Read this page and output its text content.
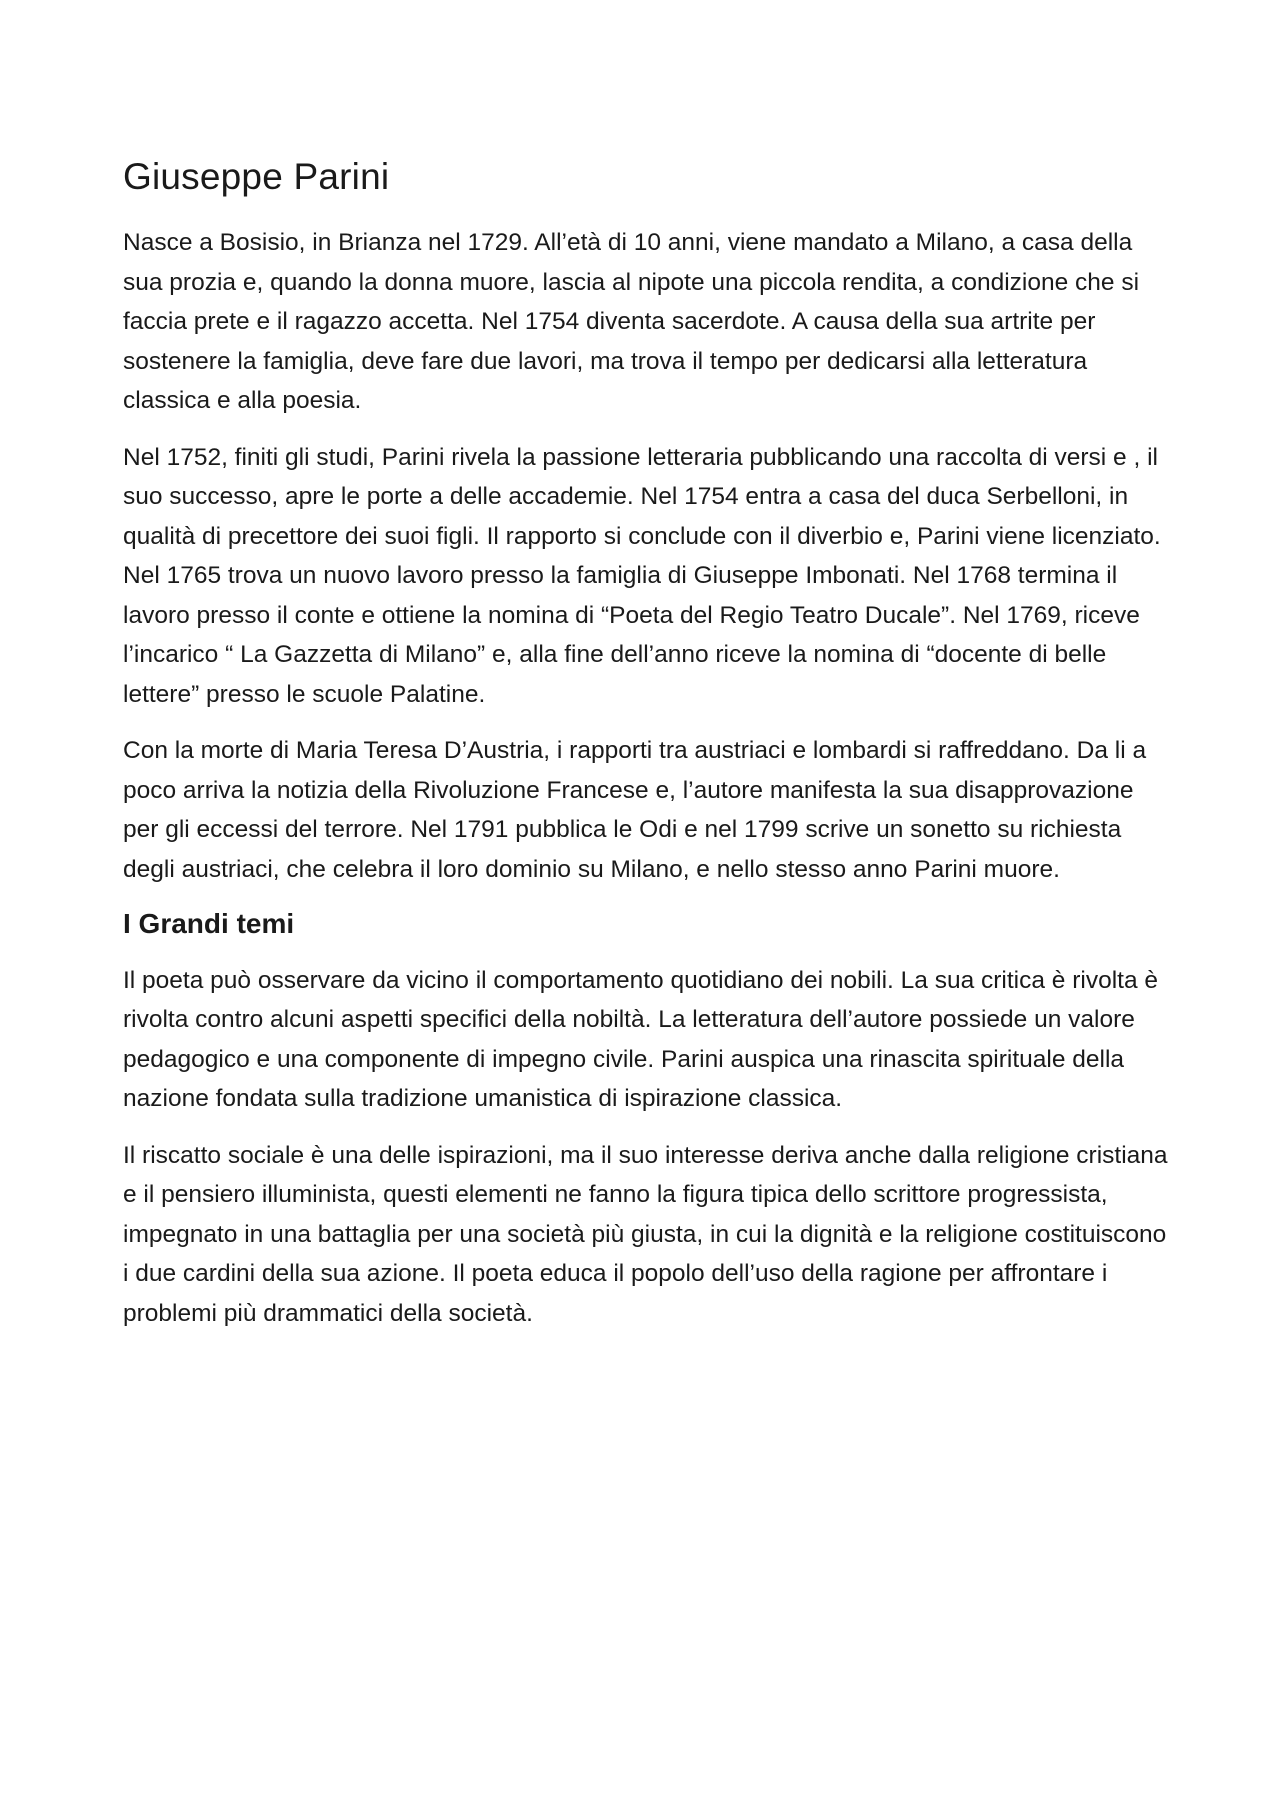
Giuseppe Parini

Nasce a Bosisio, in Brianza nel 1729. All’età di 10 anni, viene mandato a Milano, a casa della sua prozia e, quando la donna muore, lascia al nipote una piccola rendita, a condizione che si faccia prete e il ragazzo accetta. Nel 1754 diventa sacerdote. A causa della sua artrite per sostenere la famiglia, deve fare due lavori, ma trova il tempo per dedicarsi alla letteratura classica e alla poesia.

Nel 1752, finiti gli studi, Parini rivela la passione letteraria pubblicando una raccolta di versi e , il suo successo, apre le porte a delle accademie. Nel 1754 entra a casa del duca Serbelloni, in qualità di precettore dei suoi figli. Il rapporto si conclude con il diverbio e, Parini viene licenziato. Nel 1765 trova un nuovo lavoro presso la famiglia di Giuseppe Imbonati. Nel 1768 termina il lavoro presso il conte e ottiene la nomina di “Poeta del Regio Teatro Ducale”. Nel 1769, riceve l’incarico “ La Gazzetta di Milano” e, alla fine dell’anno riceve la nomina di “docente di belle lettere” presso le scuole Palatine.

Con la morte di Maria Teresa D’Austria, i rapporti tra austriaci e lombardi si raffreddano. Da li a poco arriva la notizia della Rivoluzione Francese e, l’autore manifesta la sua disapprovazione per gli eccessi del terrore. Nel 1791 pubblica le Odi e nel 1799 scrive un sonetto su richiesta degli austriaci, che celebra il loro dominio su Milano, e nello stesso anno Parini muore.

I Grandi temi

Il poeta può osservare da vicino il comportamento quotidiano dei nobili. La sua critica è rivolta è rivolta contro alcuni aspetti specifici della nobiltà. La letteratura dell’autore possiede un valore pedagogico e una componente di impegno civile. Parini auspica una rinascita spirituale della nazione fondata sulla tradizione umanistica di ispirazione classica.

Il riscatto sociale è una delle ispirazioni, ma il suo interesse deriva anche dalla religione cristiana e il pensiero illuminista, questi elementi ne fanno la figura tipica dello scrittore progressista, impegnato in una battaglia per una società più giusta, in cui la dignità e la religione costituiscono i due cardini della sua azione. Il poeta educa il popolo dell’uso della ragione per affrontare i problemi più drammatici della società.
